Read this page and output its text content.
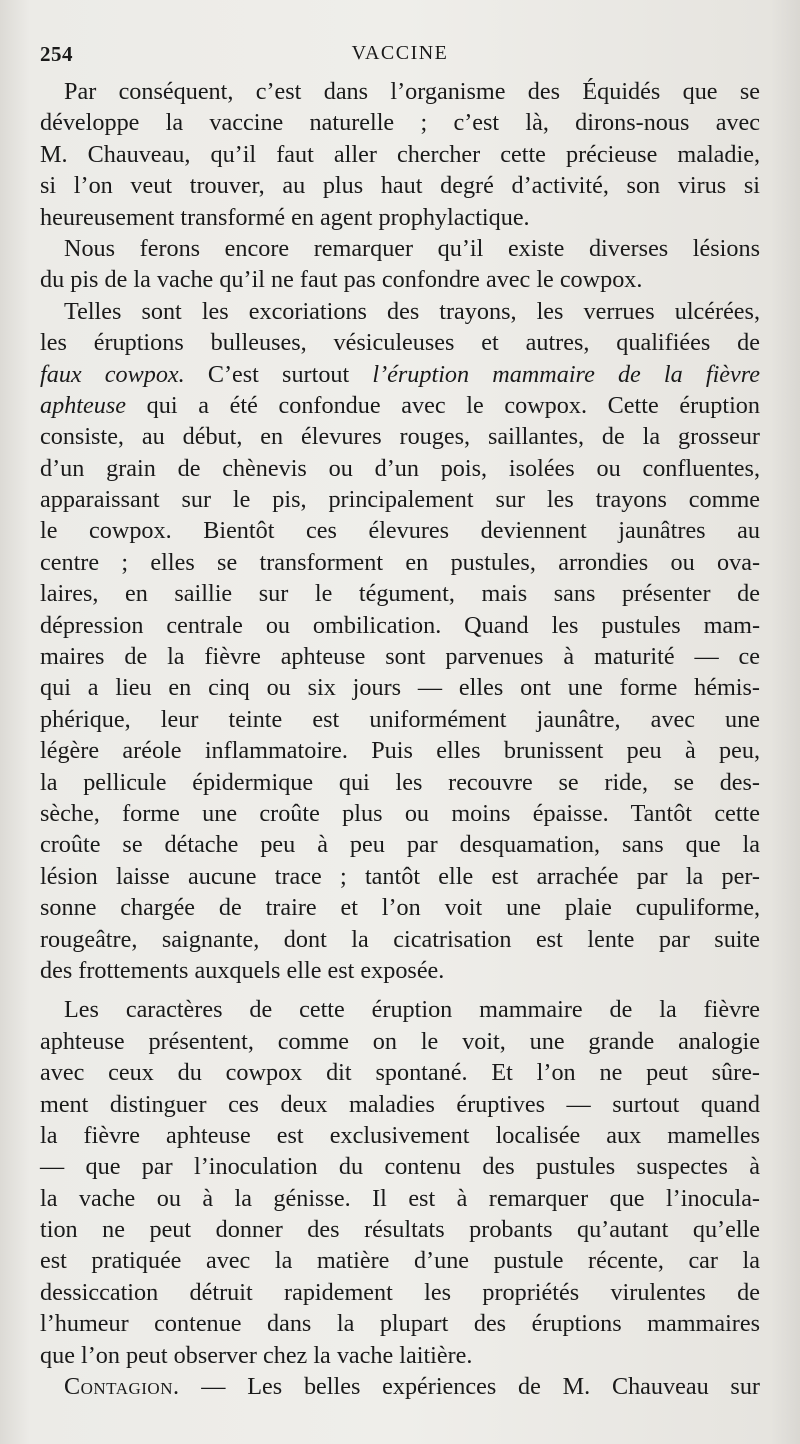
254	VACCINE
Par conséquent, c’est dans l’organisme des Équidés que se
développe la vaccine naturelle ; c’est là, dirons-nous avec
M. Chauveau, qu’il faut aller chercher cette précieuse maladie,
si l’on veut trouver, au plus haut degré d’activité, son virus si
heureusement transformé en agent prophylactique.
Nous ferons encore remarquer qu’il existe diverses lésions
du pis de la vache qu’il ne faut pas confondre avec le cowpox.
Telles sont les excoriations des trayons, les verrues ulcérées,
les éruptions bulleuses, vésiculeuses et autres, qualifiées de
faux cowpox. C’est surtout l’éruption mammaire de la fièvre
aphteuse qui a été confondue avec le cowpox. Cette éruption
consiste, au début, en élevures rouges, saillantes, de la grosseur
d’un grain de chènevis ou d’un pois, isolées ou confluentes,
apparaissant sur le pis, principalement sur les trayons comme
le cowpox. Bientôt ces élevures deviennent jaunâtres au
centre ; elles se transforment en pustules, arrondies ou ova-
laires, en saillie sur le tégument, mais sans présenter de
dépression centrale ou ombilication. Quand les pustules mam-
maires de la fièvre aphteuse sont parvenues à maturité — ce
qui a lieu en cinq ou six jours — elles ont une forme hémis-
phérique, leur teinte est uniformément jaunâtre, avec une
légère aréole inflammatoire. Puis elles brunissent peu à peu,
la pellicule épidermique qui les recouvre se ride, se des-
sèche, forme une croûte plus ou moins épaisse. Tantôt cette
croûte se détache peu à peu par desquamation, sans que la
lésion laisse aucune trace ; tantôt elle est arrachée par la per-
sonne chargée de traire et l’on voit une plaie cupuliforme,
rougeâtre, saignante, dont la cicatrisation est lente par suite
des frottements auxquels elle est exposée.
Les caractères de cette éruption mammaire de la fièvre
aphteuse présentent, comme on le voit, une grande analogie
avec ceux du cowpox dit spontané. Et l’on ne peut sûre-
ment distinguer ces deux maladies éruptives — surtout quand
la fièvre aphteuse est exclusivement localisée aux mamelles
— que par l’inoculation du contenu des pustules suspectes à
la vache ou à la génisse. Il est à remarquer que l’inocula-
tion ne peut donner des résultats probants qu’autant qu’elle
est pratiquée avec la matière d’une pustule récente, car la
dessiccation détruit rapidement les propriétés virulentes de
l’humeur contenue dans la plupart des éruptions mammaires
que l’on peut observer chez la vache laitière.
Contagion. — Les belles expériences de M. Chauveau sur
